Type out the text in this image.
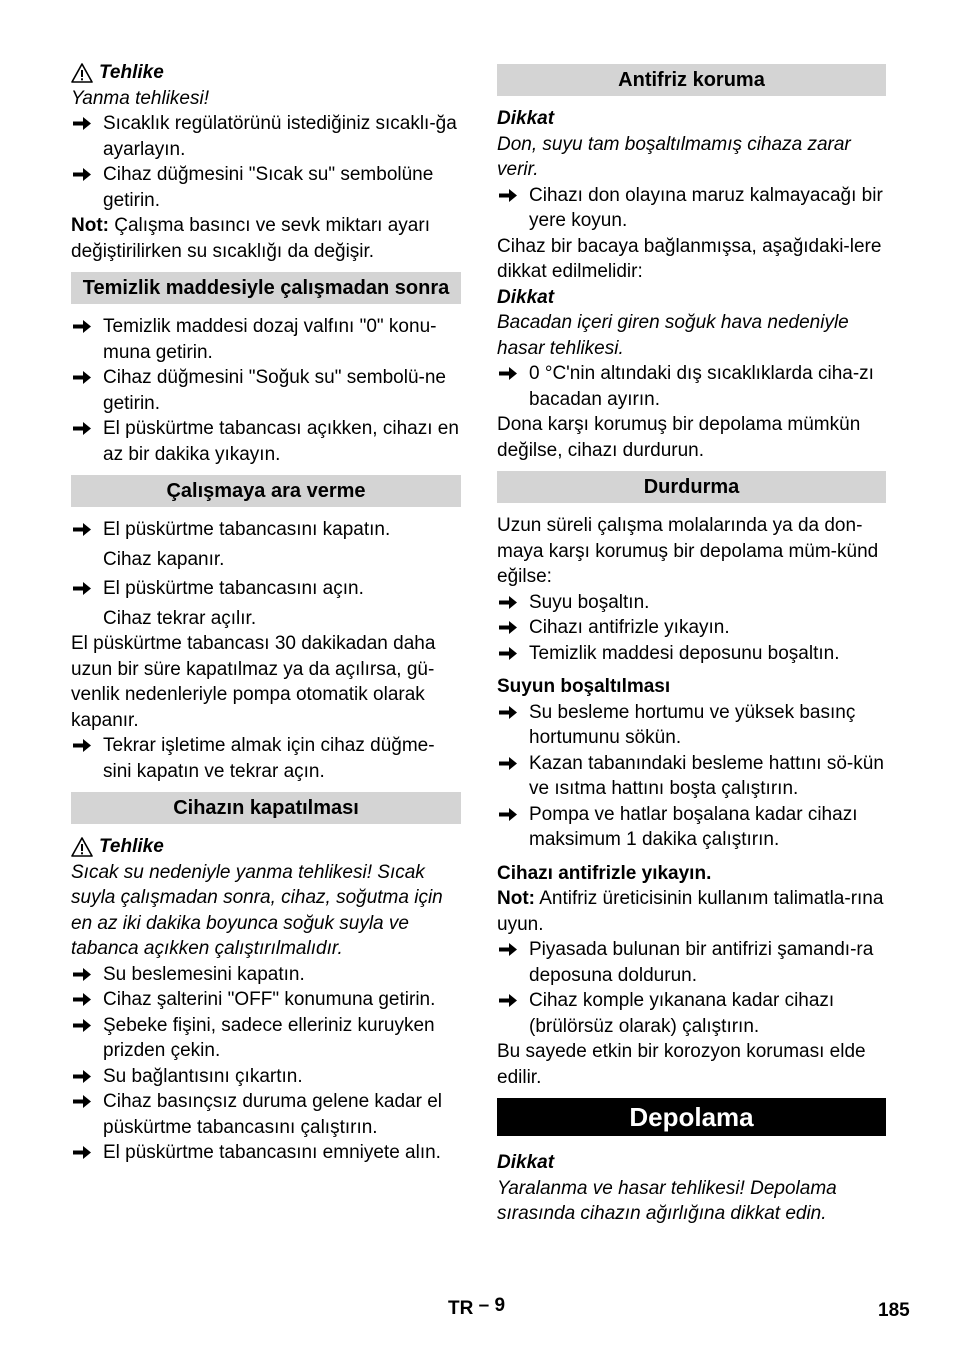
Tehlike

Yanma tehlikesi!

Sıcaklık regülatörünü istediğiniz sıcaklı-ğa ayarlayın.
Cihaz düğmesini "Sıcak su" sembolüne getirin.

Not: Çalışma basıncı ve sevk miktarı ayarı değiştirilirken su sıcaklığı da değişir.

Temizlik maddesiyle çalışmadan sonra
Temizlik maddesi dozaj valfını "0" konu-muna getirin.
Cihaz düğmesini "Soğuk su" sembolü-ne getirin.
El püskürtme tabancası açıkken, cihazı en az bir dakika yıkayın.
Çalışmaya ara verme
El püskürtme tabancasını kapatın.

Cihaz kapanır.

El püskürtme tabancasını açın.

Cihaz tekrar açılır.

El püskürtme tabancası 30 dakikadan daha uzun bir süre kapatılmaz ya da açılırsa, gü-venlik nedenleriyle pompa otomatik olarak kapanır.

Tekrar işletime almak için cihaz düğme-sini kapatın ve tekrar açın.
Cihazın kapatılması
Tehlike

Sıcak su nedeniyle yanma tehlikesi! Sıcak suyla çalışmadan sonra, cihaz, soğutma için en az iki dakika boyunca soğuk suyla ve tabanca açıkken çalıştırılmalıdır.

Su beslemesini kapatın.
Cihaz şalterini "OFF" konumuna getirin.
Şebeke fişini, sadece elleriniz kuruyken prizden çekin.
Su bağlantısını çıkartın.
Cihaz basınçsız duruma gelene kadar el püskürtme tabancasını çalıştırın.
El püskürtme tabancasını emniyete alın.
Antifriz koruma

Dikkat

Don, suyu tam boşaltılmamış cihaza zarar verir.

Cihazı don olayına maruz kalmayacağı bir yere koyun.

Cihaz bir bacaya bağlanmışsa, aşağıdaki-lere dikkat edilmelidir:

Dikkat

Bacadan içeri giren soğuk hava nedeniyle hasar tehlikesi.

0 °C'nin altındaki dış sıcaklıklarda ciha-zı bacadan ayırın.

Dona karşı korumuş bir depolama mümkün değilse, cihazı durdurun.

Durdurma

Uzun süreli çalışma molalarında ya da don-maya karşı korumuş bir depolama müm-künd eğilse:

Suyu boşaltın.
Cihazı antifrizle yıkayın.
Temizlik maddesi deposunu boşaltın.

Suyun boşaltılması

Su besleme hortumu ve yüksek basınç hortumunu sökün.
Kazan tabanındaki besleme hattını sö-kün ve ısıtma hattını boşta çalıştırın.
Pompa ve hatlar boşalana kadar cihazı maksimum 1 dakika çalıştırın.

Cihazı antifrizle yıkayın.

Not: Antifriz üreticisinin kullanım talimatla-rına uyun.

Piyasada bulunan bir antifrizi şamandı-ra deposuna doldurun.
Cihaz komple yıkanana kadar cihazı (brülörsüz olarak) çalıştırın.

Bu sayede etkin bir korozyon koruması elde edilir.

Depolama

Dikkat

Yaralanma ve hasar tehlikesi! Depolama sırasında cihazın ağırlığına dikkat edin.

TR – 9	185
